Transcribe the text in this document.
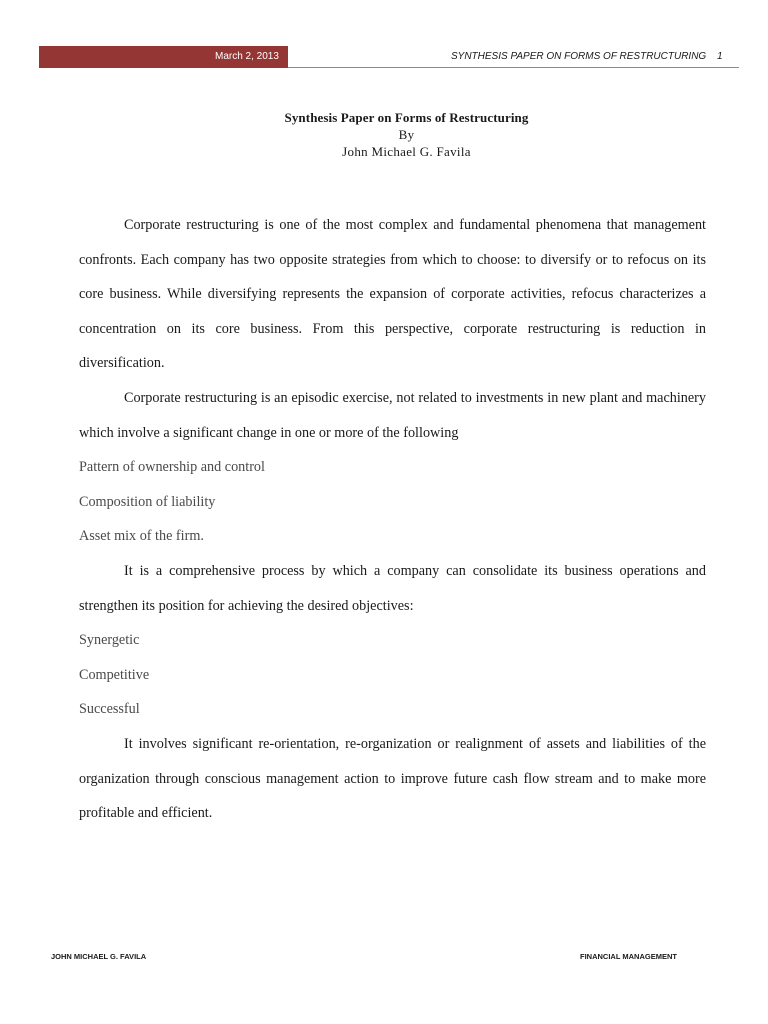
March 2, 2013	SYNTHESIS PAPER ON FORMS OF RESTRUCTURING 1
Synthesis Paper on Forms of Restructuring
By
John Michael G. Favila

Corporate restructuring is one of the most complex and fundamental phenomena that management confronts. Each company has two opposite strategies from which to choose: to diversify or to refocus on its core business. While diversifying represents the expansion of corporate activities, refocus characterizes a concentration on its core business. From this perspective, corporate restructuring is reduction in diversification.

Corporate restructuring is an episodic exercise, not related to investments in new plant and machinery which involve a significant change in one or more of the following

Pattern of ownership and control

Composition of liability

Asset mix of the firm.

It is a comprehensive process by which a company can consolidate its business operations and strengthen its position for achieving the desired objectives:

Synergetic

Competitive

Successful

It involves significant re-orientation, re-organization or realignment of assets and liabilities of the organization through conscious management action to improve future cash flow stream and to make more profitable and efficient.

JOHN MICHAEL G. FAVILA	FINANCIAL MANAGEMENT
